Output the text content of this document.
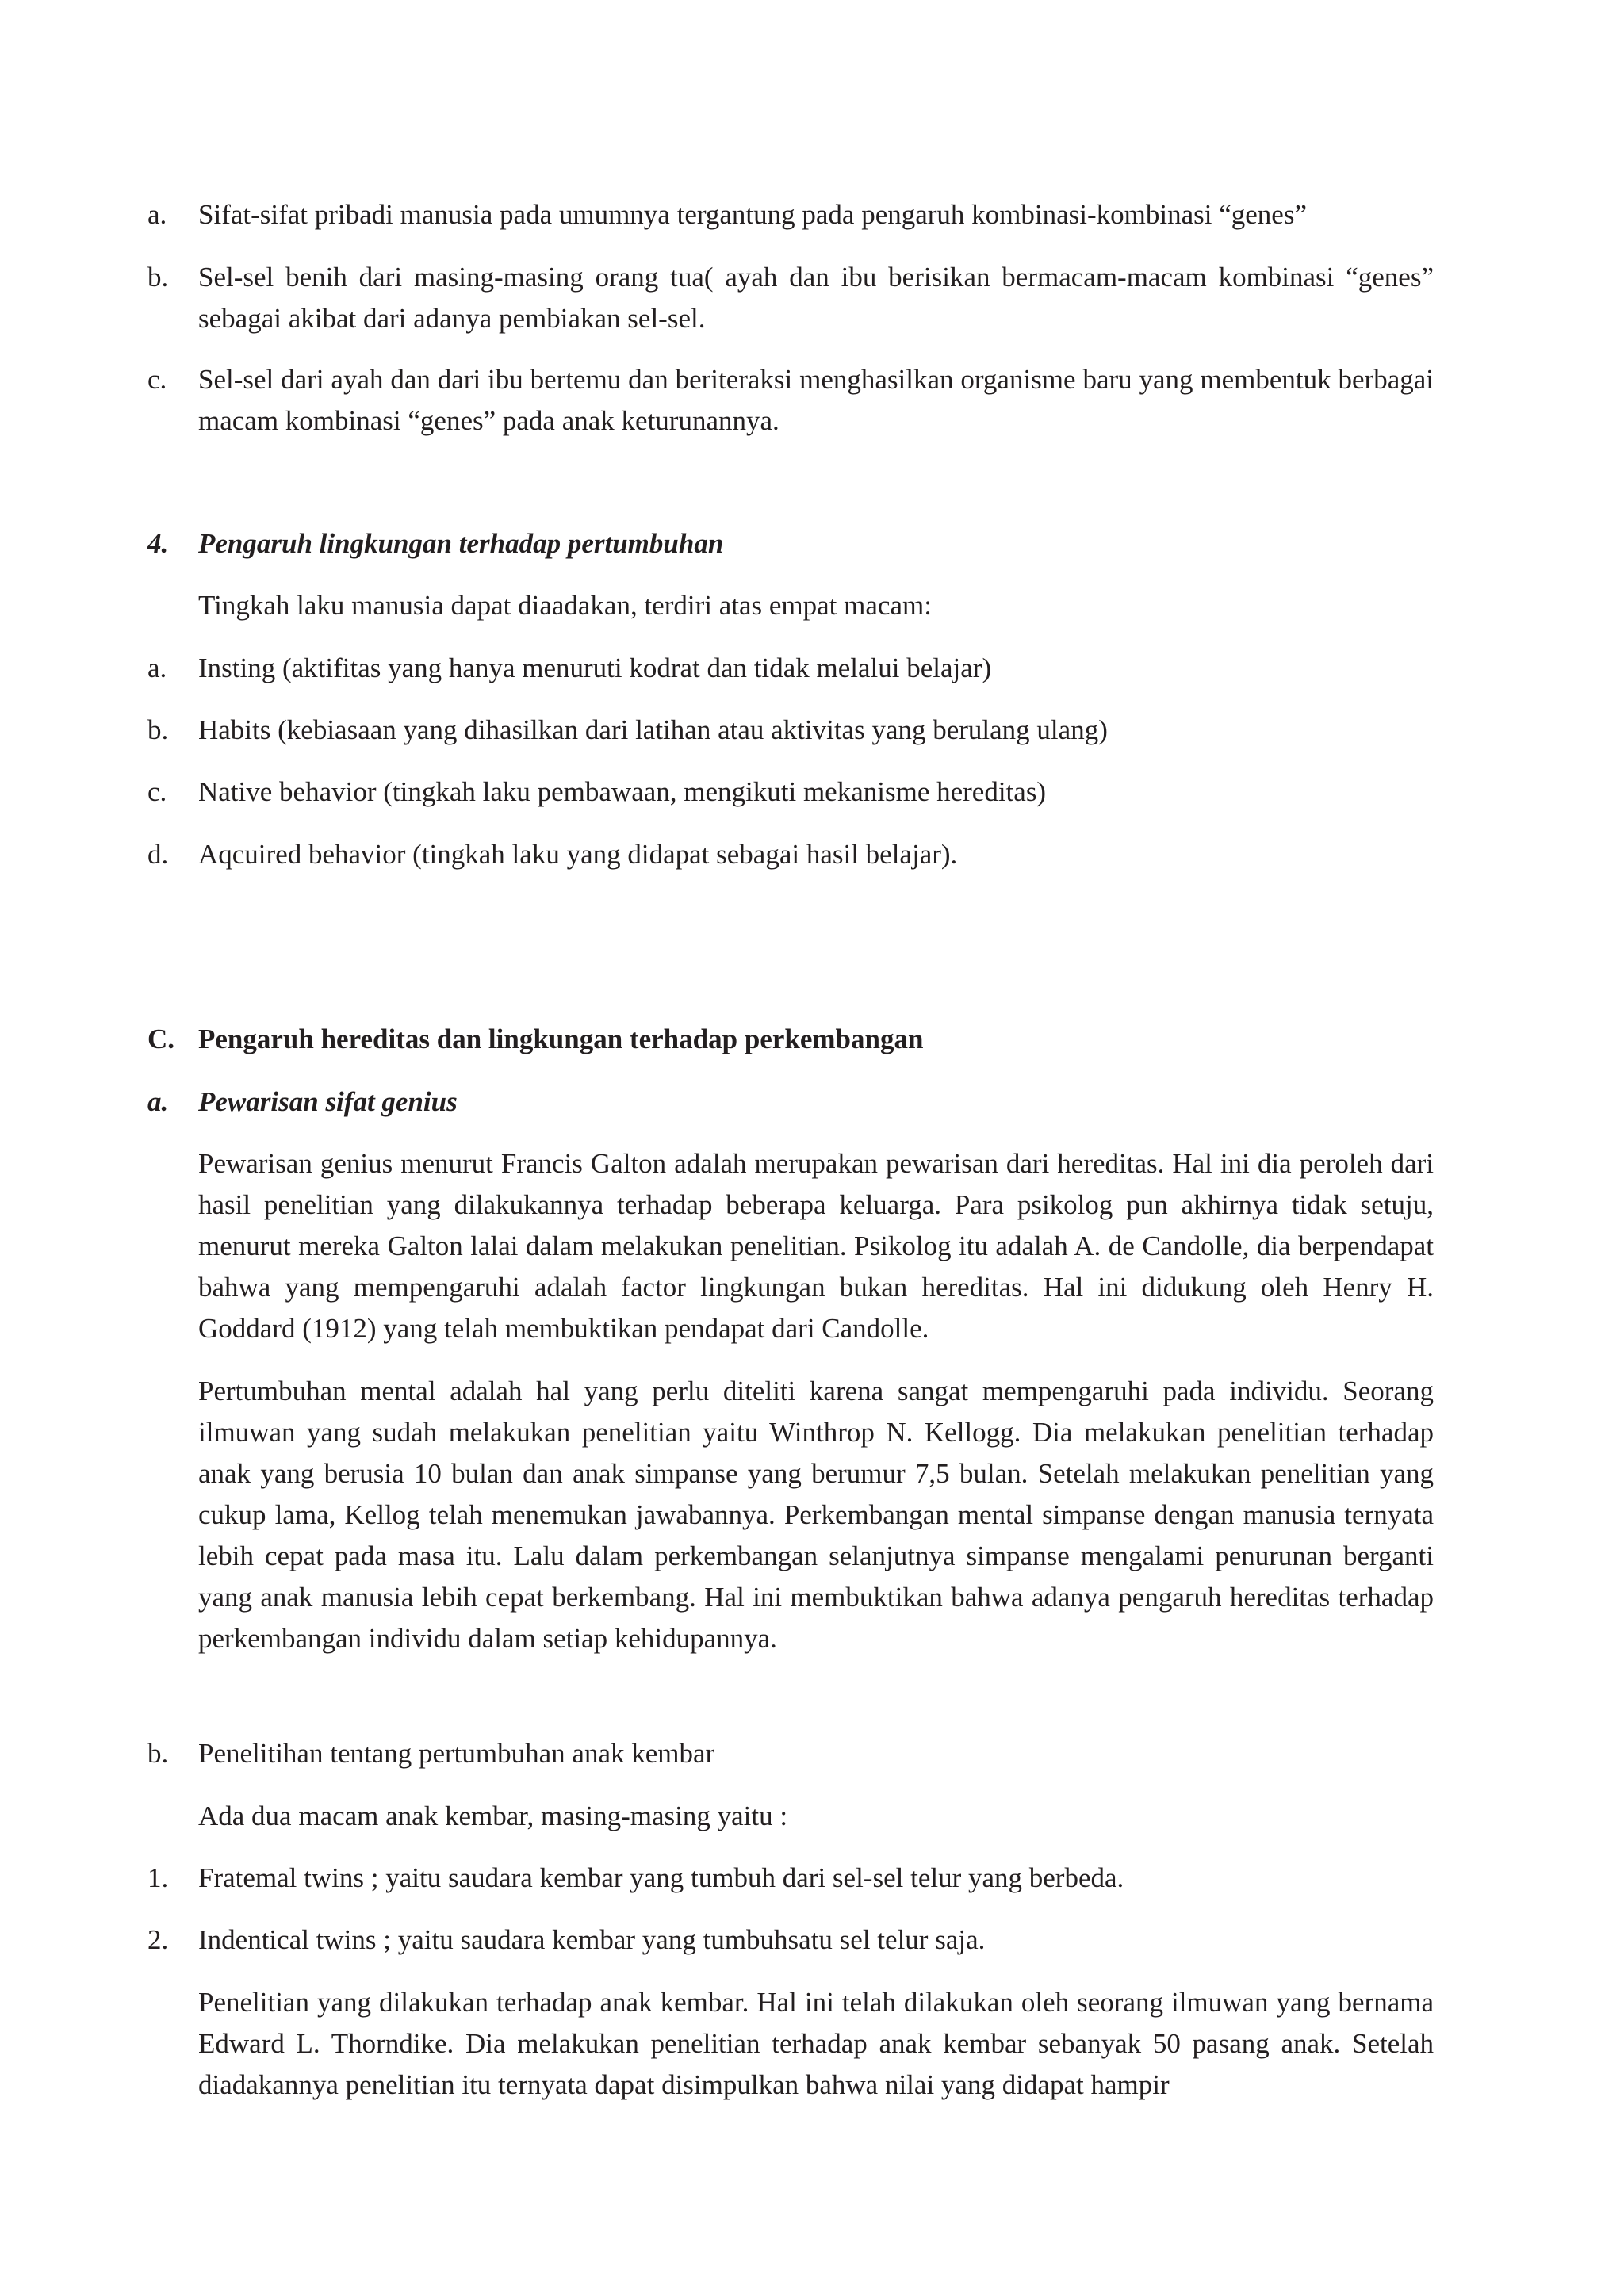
a. Sifat-sifat pribadi manusia pada umumnya tergantung pada pengaruh kombinasi-kombinasi “genes”
b. Sel-sel benih dari masing-masing orang tua( ayah dan ibu berisikan bermacam-macam kombinasi “genes” sebagai akibat dari adanya pembiakan sel-sel.
c. Sel-sel dari ayah dan dari ibu bertemu dan beriteraksi menghasilkan organisme baru yang membentuk berbagai macam kombinasi “genes” pada anak keturunannya.
4. Pengaruh lingkungan terhadap pertumbuhan
Tingkah laku manusia dapat diaadakan, terdiri atas empat macam:
a. Insting (aktifitas yang hanya menuruti kodrat dan tidak melalui belajar)
b. Habits (kebiasaan yang dihasilkan dari latihan atau aktivitas yang berulang ulang)
c. Native behavior (tingkah laku pembawaan, mengikuti mekanisme hereditas)
d. Aqcuired behavior (tingkah laku yang didapat sebagai hasil belajar).
C. Pengaruh hereditas dan lingkungan terhadap perkembangan
a. Pewarisan sifat genius
Pewarisan genius menurut Francis Galton adalah merupakan pewarisan dari hereditas. Hal ini dia peroleh dari hasil penelitian yang dilakukannya terhadap beberapa keluarga. Para psikolog pun akhirnya tidak setuju, menurut mereka Galton lalai dalam melakukan penelitian. Psikolog itu adalah A. de Candolle, dia berpendapat bahwa yang mempengaruhi adalah factor lingkungan bukan hereditas. Hal ini didukung oleh Henry H. Goddard (1912) yang telah membuktikan pendapat dari Candolle.
Pertumbuhan mental adalah hal yang perlu diteliti karena sangat mempengaruhi pada individu. Seorang ilmuwan yang sudah melakukan penelitian yaitu Winthrop N. Kellogg. Dia melakukan penelitian terhadap anak yang berusia 10 bulan dan anak simpanse yang berumur 7,5 bulan. Setelah melakukan penelitian yang cukup lama, Kellog telah menemukan jawabannya. Perkembangan mental simpanse dengan manusia ternyata lebih cepat pada masa itu. Lalu dalam perkembangan selanjutnya simpanse mengalami penurunan berganti yang anak manusia lebih cepat berkembang. Hal ini membuktikan bahwa adanya pengaruh hereditas terhadap perkembangan individu dalam setiap kehidupannya.
b. Penelitihan tentang pertumbuhan anak kembar
Ada dua macam anak kembar, masing-masing yaitu :
1. Fratemal twins ; yaitu saudara kembar yang tumbuh dari sel-sel telur yang berbeda.
2. Indentical twins ; yaitu saudara kembar yang tumbuhsatu sel telur saja.
Penelitian yang dilakukan terhadap anak kembar. Hal ini telah dilakukan oleh seorang ilmuwan yang bernama Edward L. Thorndike. Dia melakukan penelitian terhadap anak kembar sebanyak 50 pasang anak. Setelah diadakannya penelitian itu ternyata dapat disimpulkan bahwa nilai yang didapat hampir
